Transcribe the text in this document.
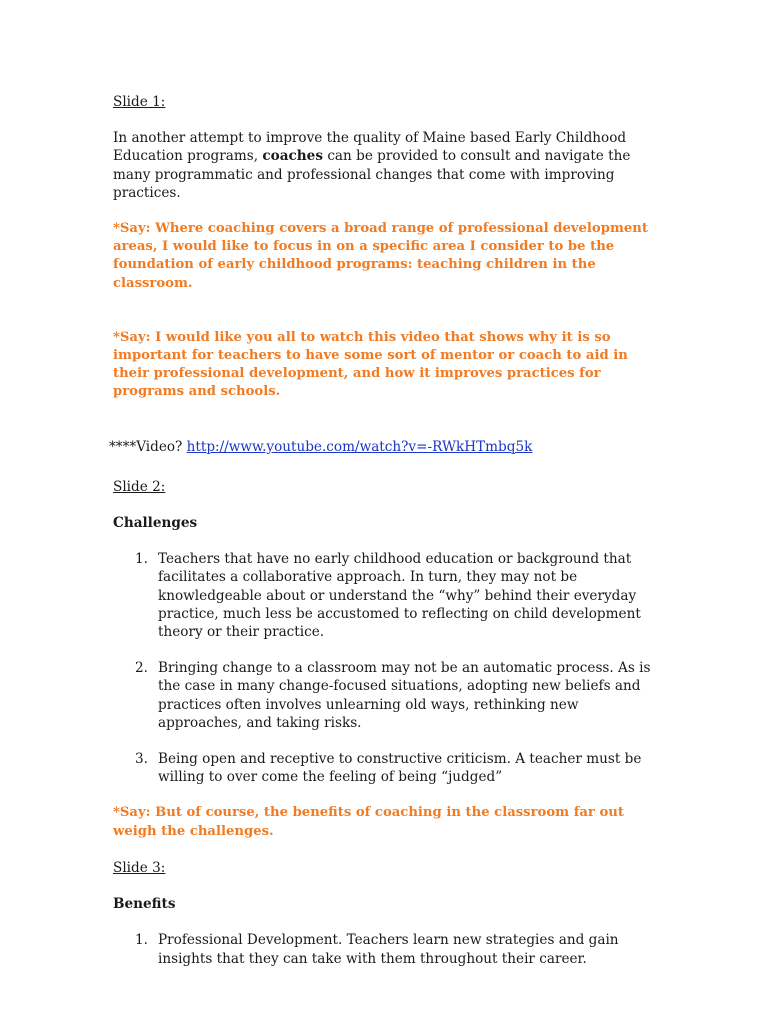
Slide 1:

In another attempt to improve the quality of Maine based Early Childhood Education programs, coaches can be provided to consult and navigate the many programmatic and professional changes that come with improving practices.

*Say: Where coaching covers a broad range of professional development areas, I would like to focus in on a specific area I consider to be the foundation of early childhood programs: teaching children in the classroom.

*Say: I would like you all to watch this video that shows why it is so important for teachers to have some sort of mentor or coach to aid in their professional development, and how it improves practices for programs and schools.

****Video? http://www.youtube.com/watch?v=-RWkHTmbq5k

Slide 2:

Challenges

1. Teachers that have no early childhood education or background that facilitates a collaborative approach. In turn, they may not be knowledgeable about or understand the “why” behind their everyday practice, much less be accustomed to reflecting on child development theory or their practice.
2. Bringing change to a classroom may not be an automatic process. As is the case in many change-focused situations, adopting new beliefs and practices often involves unlearning old ways, rethinking new approaches, and taking risks.
3. Being open and receptive to constructive criticism. A teacher must be willing to over come the feeling of being “judged”

*Say: But of course, the benefits of coaching in the classroom far out weigh the challenges.

Slide 3:

Benefits

1. Professional Development. Teachers learn new strategies and gain insights that they can take with them throughout their career.
